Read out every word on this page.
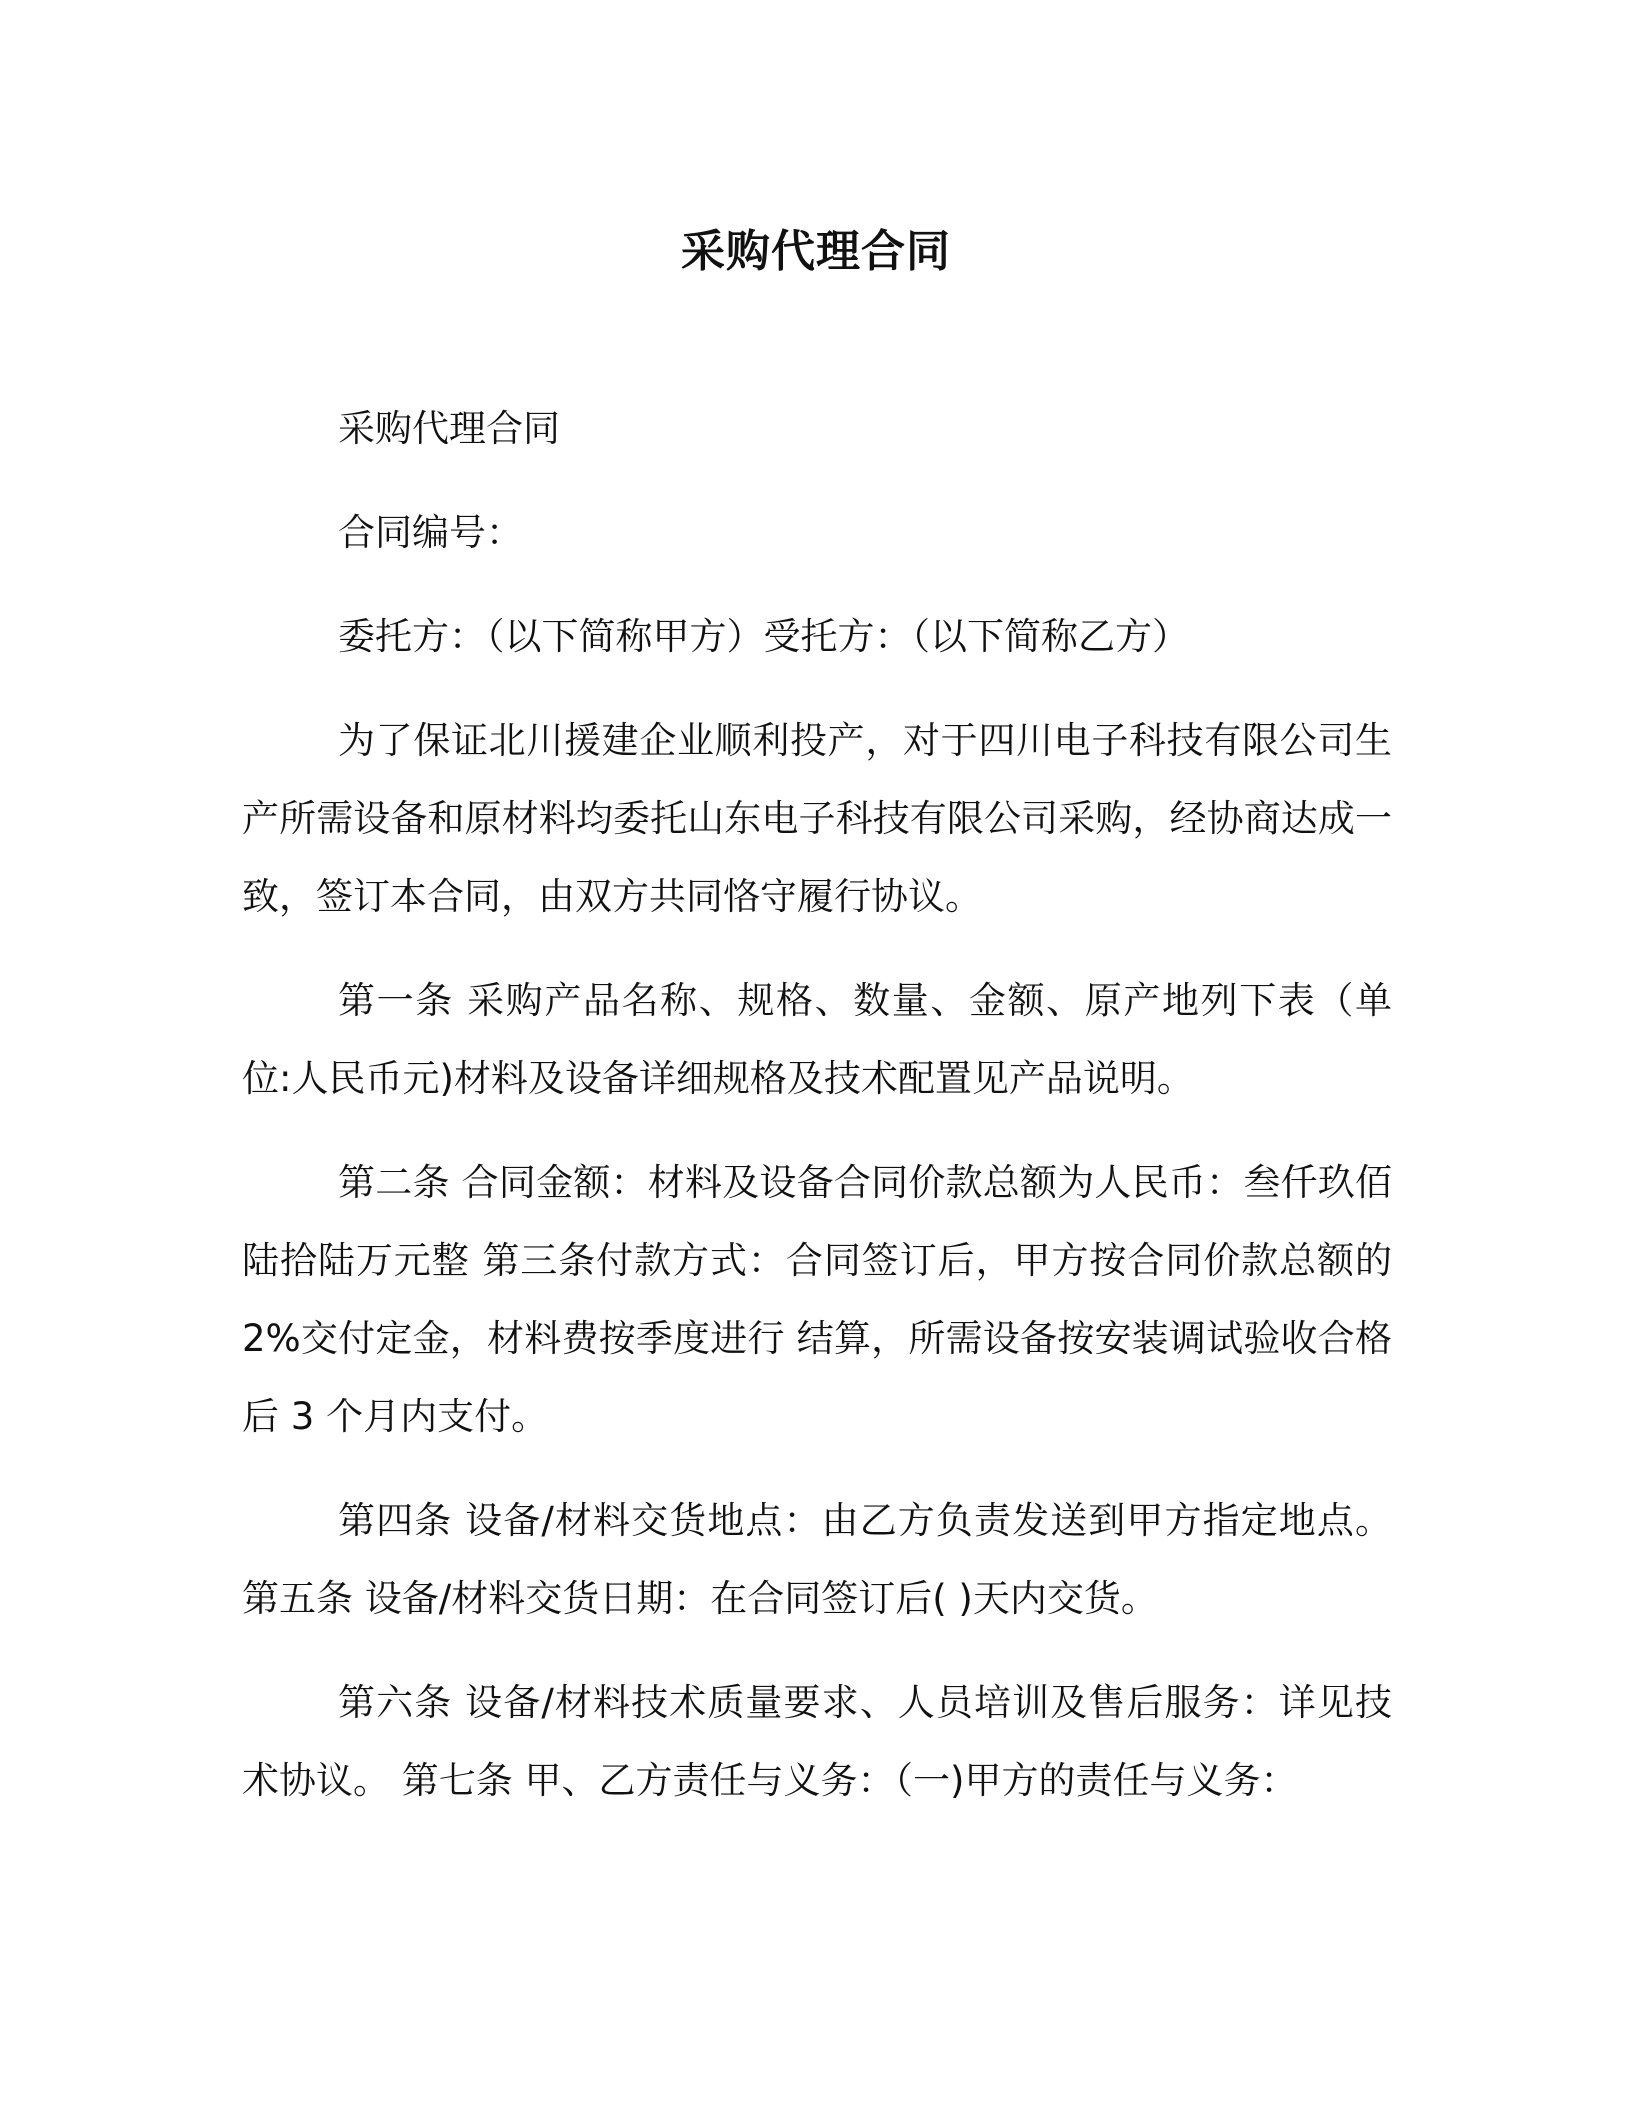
采购代理合同

采购代理合同

合同编号：

委托方：（以下简称甲方）受托方：（以下简称乙方）

为了保证北川援建企业顺利投产，对于四川电子科技有限公司生产所需设备和原材料均委托山东电子科技有限公司采购，经协商达成一致，签订本合同，由双方共同恪守履行协议。

第一条 采购产品名称、规格、数量、金额、原产地列下表（单位:人民币元)材料及设备详细规格及技术配置见产品说明。

第二条 合同金额：材料及设备合同价款总额为人民币：叁仟玖佰陆拾陆万元整 第三条付款方式：合同签订后，甲方按合同价款总额的2%交付定金，材料费按季度进行 结算，所需设备按安装调试验收合格后 3 个月内支付。

第四条 设备/材料交货地点：由乙方负责发送到甲方指定地点。第五条 设备/材料交货日期：在合同签订后( )天内交货。

第六条 设备/材料技术质量要求、人员培训及售后服务：详见技术协议。 第七条 甲、乙方责任与义务：（一)甲方的责任与义务：
